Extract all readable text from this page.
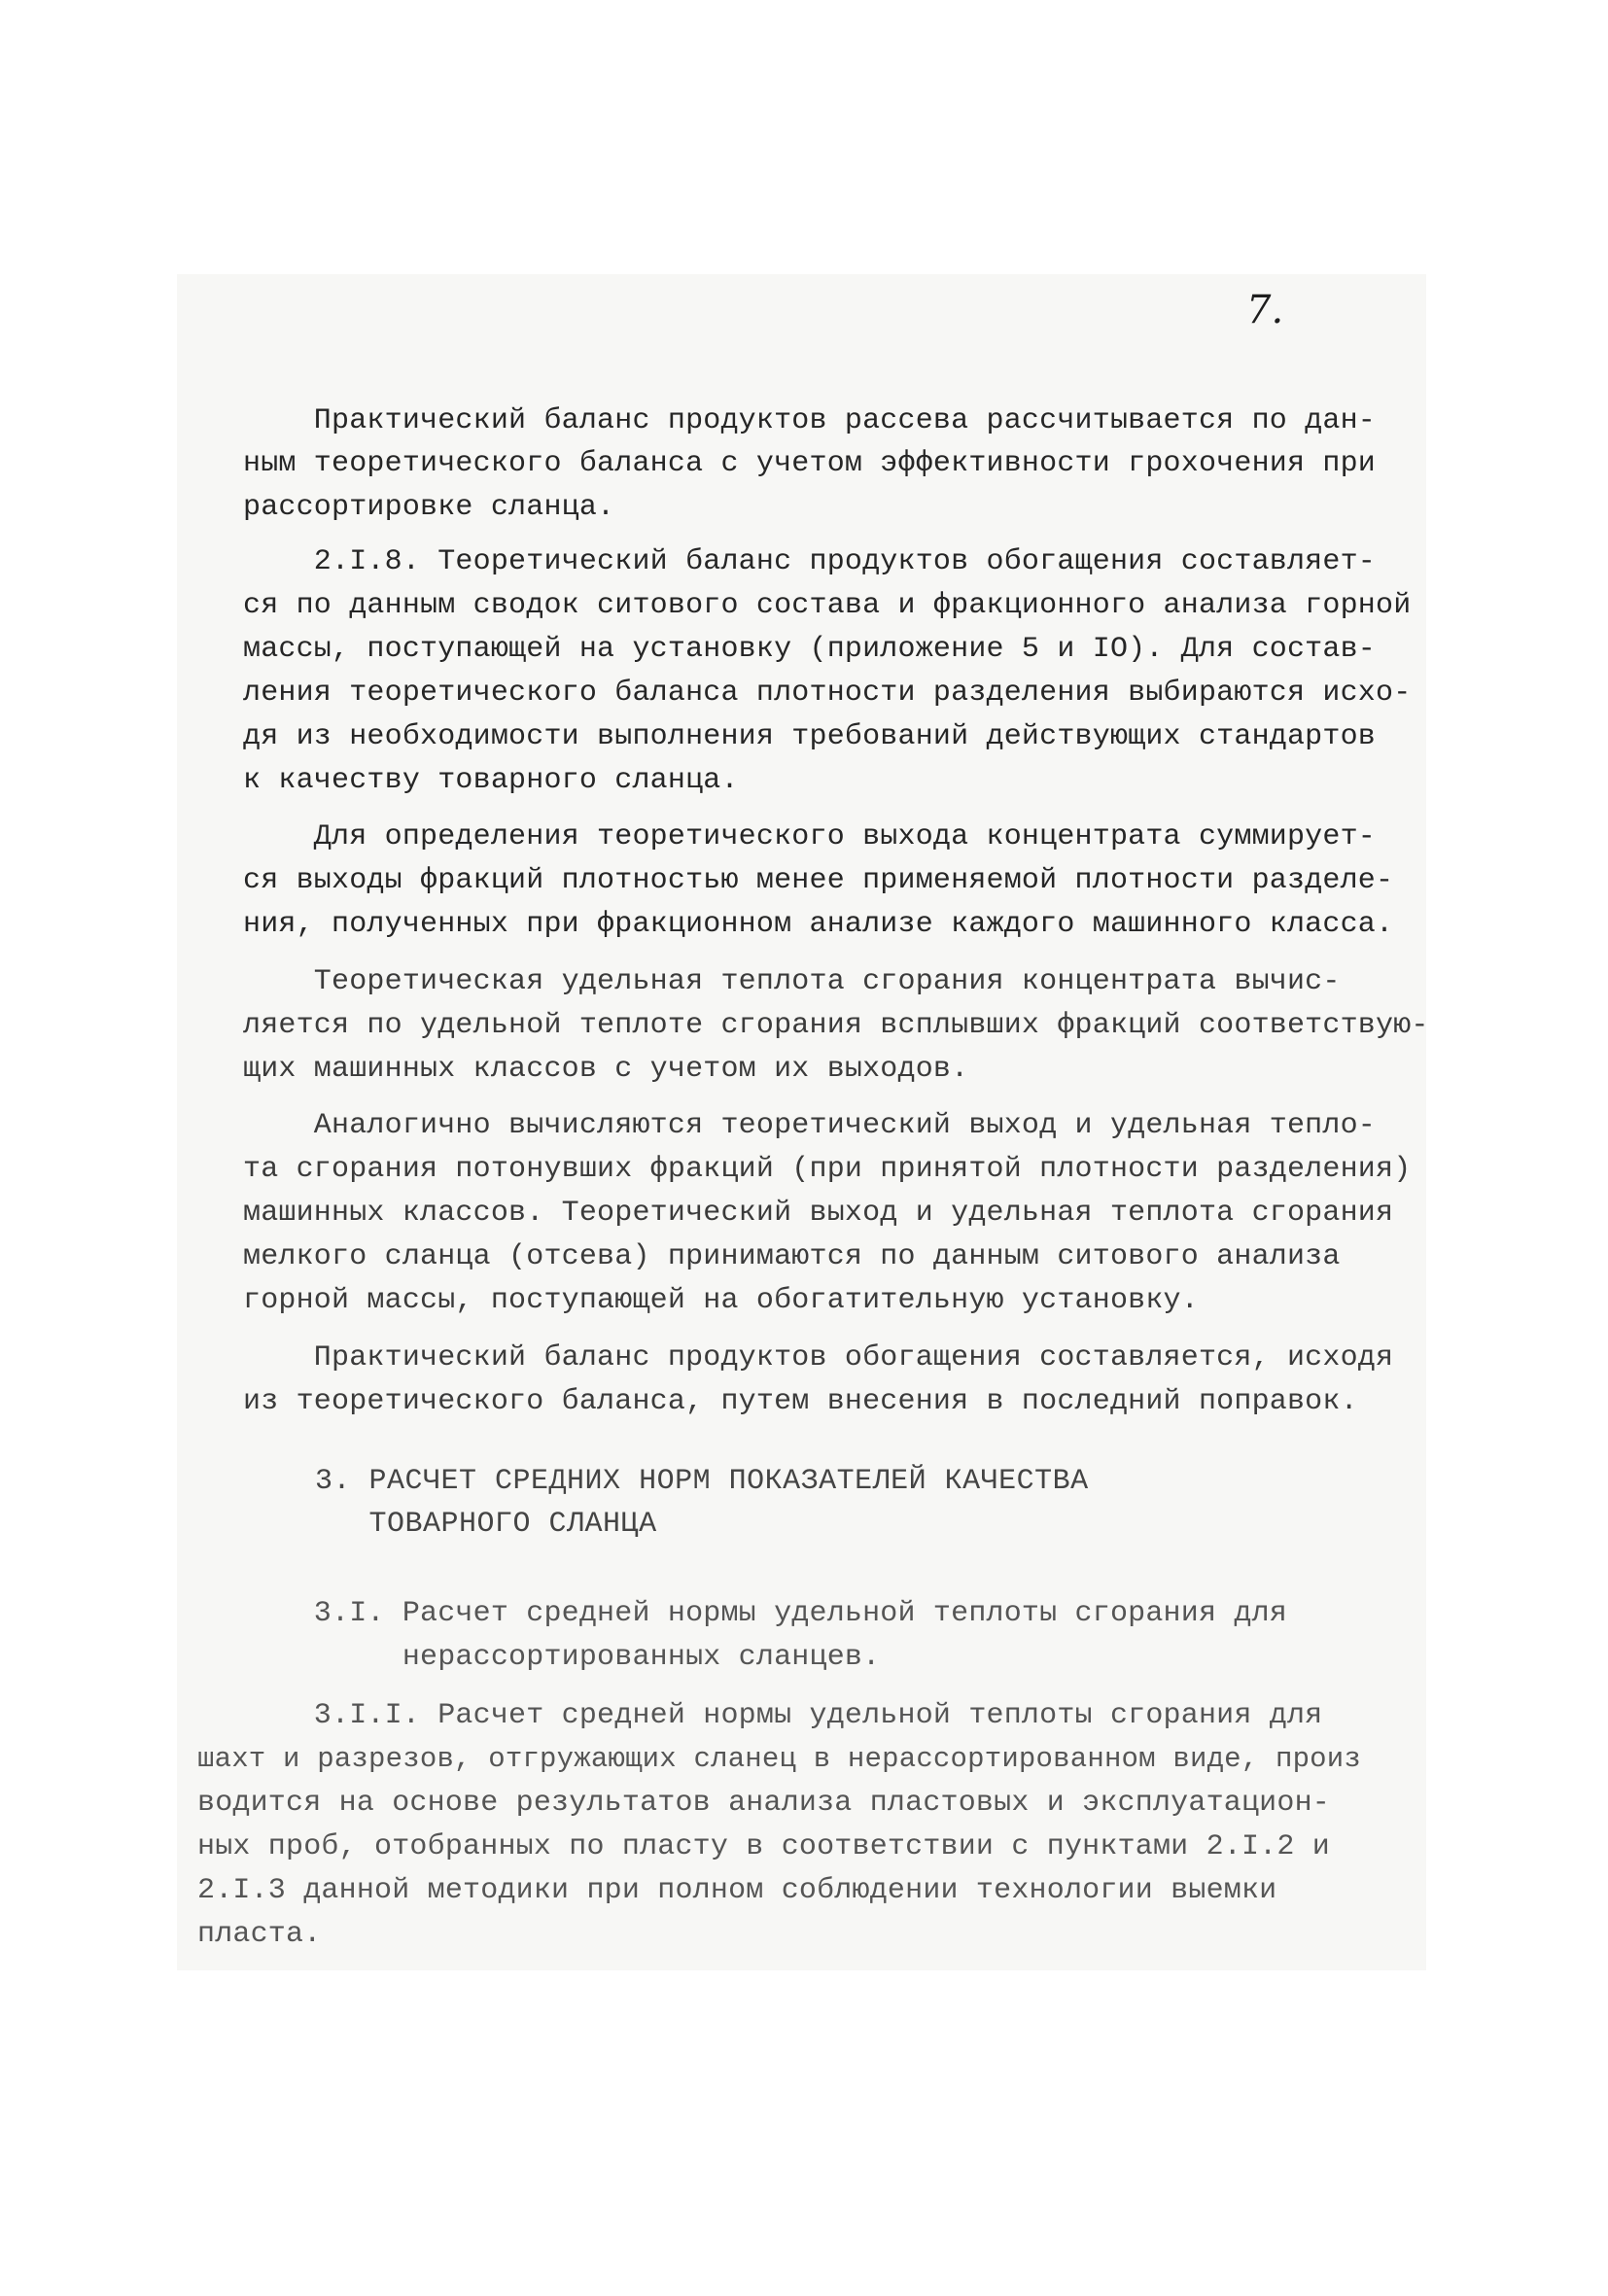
7.
Практический баланс продуктов рассева рассчитывается по дан-
ным теоретического баланса с учетом эффективности грохочения при
рассортировке сланца.
2.I.8. Теоретический баланс продуктов обогащения составляет-
ся по данным сводок ситового состава и фракционного анализа горной
массы, поступающей на установку (приложение 5 и IO). Для состав-
ления теоретического баланса плотности разделения выбираются исхо-
дя из необходимости выполнения требований действующих стандартов
к качеству товарного сланца.
Для определения теоретического выхода концентрата суммирует-
ся выходы фракций плотностью менее применяемой плотности разделе-
ния, полученных при фракционном анализе каждого машинного класса.
Теоретическая удельная теплота сгорания концентрата вычис-
ляется по удельной теплоте сгорания всплывших фракций соответствую-
щих машинных классов с учетом их выходов.
Аналогично вычисляются теоретический выход и удельная тепло-
та сгорания потонувших фракций (при принятой плотности разделения)
машинных классов. Теоретический выход и удельная теплота сгорания
мелкого сланца (отсева) принимаются по данным ситового анализа
горной массы, поступающей на обогатительную установку.
Практический баланс продуктов обогащения составляется, исходя
из теоретического баланса, путем внесения в последний поправок.
3. РАСЧЕТ СРЕДНИХ НОРМ ПОКАЗАТЕЛЕЙ КАЧЕСТВА
ТОВАРНОГО СЛАНЦА
3.I. Расчет средней нормы удельной теплоты сгорания для
нерассортированных сланцев.
3.I.I. Расчет средней нормы удельной теплоты сгорания для
шахт и разрезов, отгружающих сланец в нерассортированном виде, произ
водится на основе результатов анализа пластовых и эксплуатацион-
ных проб, отобранных по пласту в соответствии с пунктами 2.I.2 и
2.I.3 данной методики при полном соблюдении технологии выемки
пласта.
